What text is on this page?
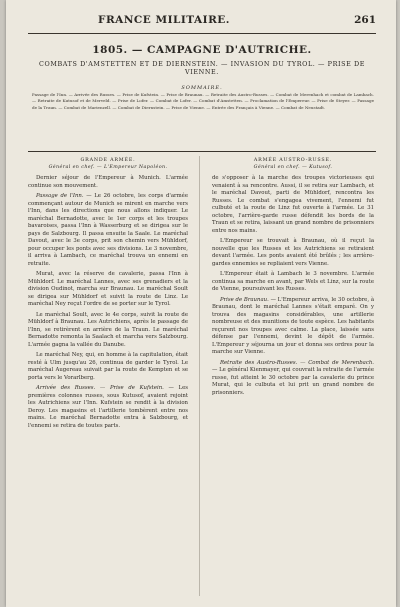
FRANCE MILITAIRE.	261
1805. — CAMPAGNE D'AUTRICHE.
COMBATS D'AMSTETTEN ET DE DIERNSTEIN. — INVASION DU TYROL. — PRISE DE VIENNE.
SOMMAIRE.
Passage de l'Inn. — Arrivée des Russes. — Prise de Kufstein. — Prise de Braunau. — Retraite des Austro-Russes. — Combat de Merenhach et combat de Lambach. — Retraite de Kutusof et de Merveld. — Prise de Lofer. — Combat de Lofer. — Combat d'Amstetten. — Proclamation de l'Empereur. — Prise de Steyer. — Passage de la Traun. — Combat de Marienzell. — Combat de Diernstein. — Prise de Vienne. — Entrée des Français à Vienne. — Combat de Neustadt.
GRANDE ARMÉE.
Général en chef. — L'Empereur Napoléon.

Dernier séjour de l'Empereur à Munich. L'armée continue son mouvement.

Passage de l'Inn. — Le 26 octobre, les corps d'armée commençant autour de Munich se mirent en marche vers l'Inn, dans les directions que nous allons indiquer. Le maréchal Bernadotte, avec le 1er corps et les troupes bavaroises, passa l'Inn à Wasserburg et se dirigea sur le pays de Salzbourg. Il passa ensuite la Saale. Le maréchal Davout, avec le 3e corps, prit son chemin vers Mühldorf, pour occuper les ponts avec ses divisions. Le 3 novembre, il arriva à Lambach, ce maréchal trouva un ennemi en retraite.

Murat, avec la réserve de cavalerie, passa l'Inn à Mühldorf. Le maréchal Lannes, avec ses grenadiers et la division Oudinot, marcha sur Braunau. Le maréchal Soult se dirigea sur Mühldorf et suivit la route de Linz. Le maréchal Ney reçut l'ordre de se porter sur le Tyrol.

Le maréchal Soult, avec le 4e corps, suivit la route de Mühldorf à Braunau. Les Autrichiens, après le passage de l'Inn, se retirèrent en arrière de la Traun. Le maréchal Bernadotte remonta la Saalach et marcha vers Salzbourg. L'armée gagna la vallée du Danube.

Le maréchal Ney, qui, en homme à la capitulation, était resté à Ulm jusqu'au 26, continua de garder le Tyrol. Le maréchal Augereau suivait par la route de Kempten et se porta vers le Vorarlberg.

Arrivée des Russes. — Prise de Kufstein. — Les premières colonnes russes, sous Kutusof, avaient rejoint les Autrichiens sur l'Inn. Kufstein se rendit à la division Deroy. Les magasins et l'artillerie tombèrent entre nos mains. Le maréchal Bernadotte entra à Salzbourg, et l'ennemi se retira de toutes parts.

ARMÉE AUSTRO-RUSSE.
Général en chef. — Kutusof.

de s'opposer à la marche des troupes victorieuses qui venaient à sa rencontre. Aussi, il se retira sur Lambach, et le maréchal Davout, parti de Mühldorf, rencontra les Russes. Le combat s'engagea vivement, l'ennemi fut culbuté et la route de Linz fut ouverte à l'armée. Le 31 octobre, l'arrière-garde russe défendit les bords de la Traun et se retira, laissant un grand nombre de prisonniers entre nos mains.

L'Empereur se trouvait à Braunau, où il reçut la nouvelle que les Russes et les Autrichiens se retiraient devant l'armée. Les ponts avaient été brûlés ; les arrière-gardes ennemies se repliaient vers Vienne.

L'Empereur était à Lambach le 3 novembre. L'armée continua sa marche en avant, par Wels et Linz, sur la route de Vienne, poursuivant les Russes.

Prise de Braunau. — L'Empereur arriva, le 30 octobre, à Braunau, dont le maréchal Lannes s'était emparé. On y trouva des magasins considérables, une artillerie nombreuse et des munitions de toute espèce. Les habitants reçurent nos troupes avec calme. La place, laissée sans défense par l'ennemi, devint le dépôt de l'armée. L'Empereur y séjourna un jour et donna ses ordres pour la marche sur Vienne.

Retraite des Austro-Russes. — Combat de Merenbach. — Le général Kienmayer, qui couvrait la retraite de l'armée russe, fut atteint le 30 octobre par la cavalerie du prince Murat, qui le culbuta et lui prit un grand nombre de prisonniers.
